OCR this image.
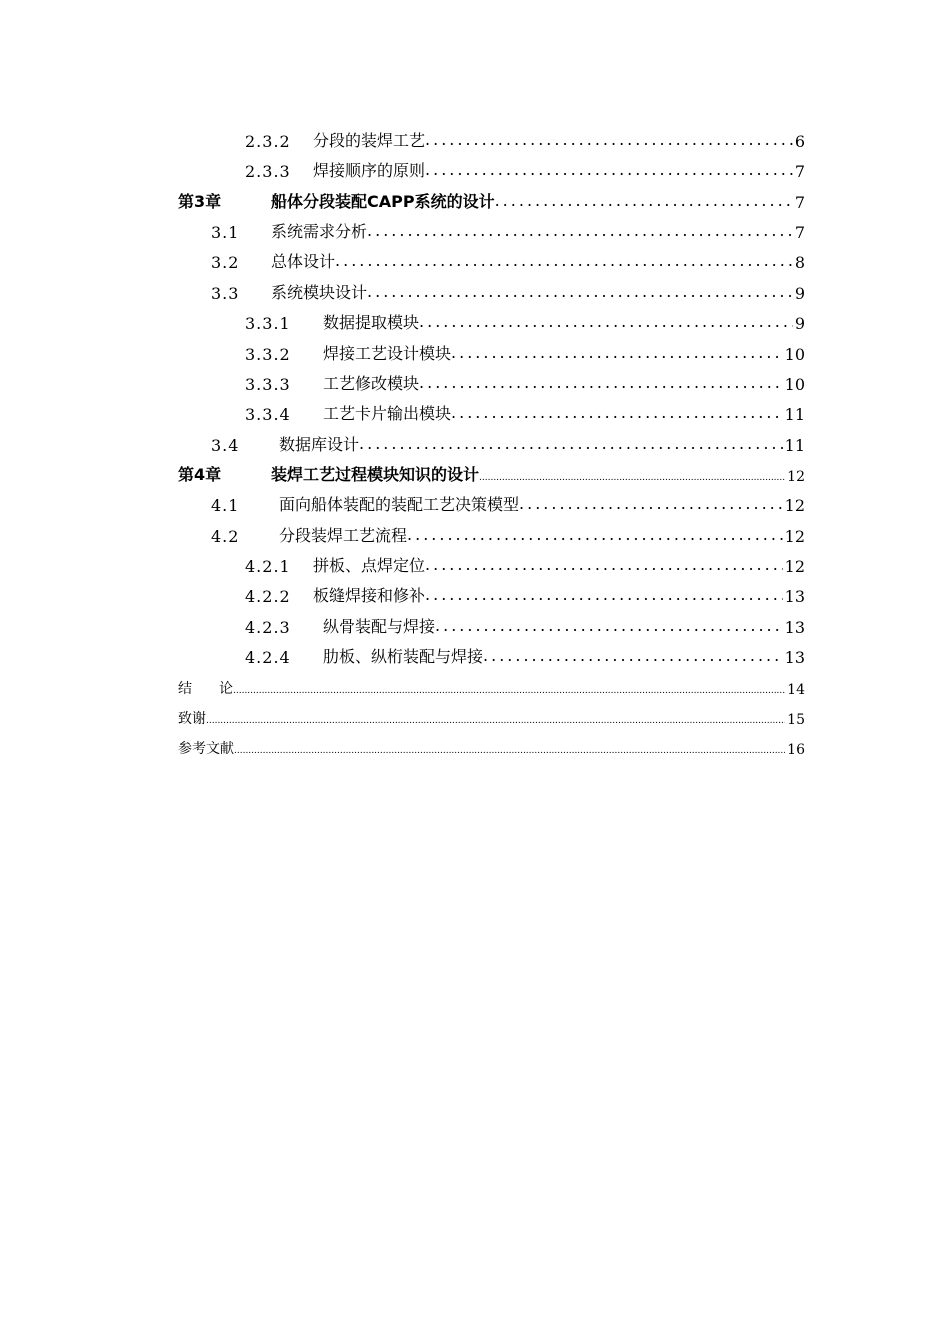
2.3.2	分段的装焊工艺 .....	6
2.3.3	焊接顺序的原则 .....	7
第3章	船体分段装配CAPP系统的设计 .....	7
3.1	系统需求分析 .....	7
3.2	总体设计 .....	8
3.3	系统模块设计 .....	9
3.3.1	数据提取模块 .....	9
3.3.2	焊接工艺设计模块 .....	10
3.3.3	工艺修改模块 .....	10
3.3.4	工艺卡片输出模块 .....	11
3.4	数据库设计 .....	11
第4章	装焊工艺过程模块知识的设计 .....	12
4.1	面向船体装配的装配工艺决策模型 .....	12
4.2	分段装焊工艺流程 .....	12
4.2.1	拼板、点焊定位 .....	12
4.2.2	板缝焊接和修补 .....	13
4.2.3	纵骨装配与焊接 .....	13
4.2.4	肋板、纵桁装配与焊接 .....	13
结	论 .....	14
致谢 .....	15
参考文献 .....	16
